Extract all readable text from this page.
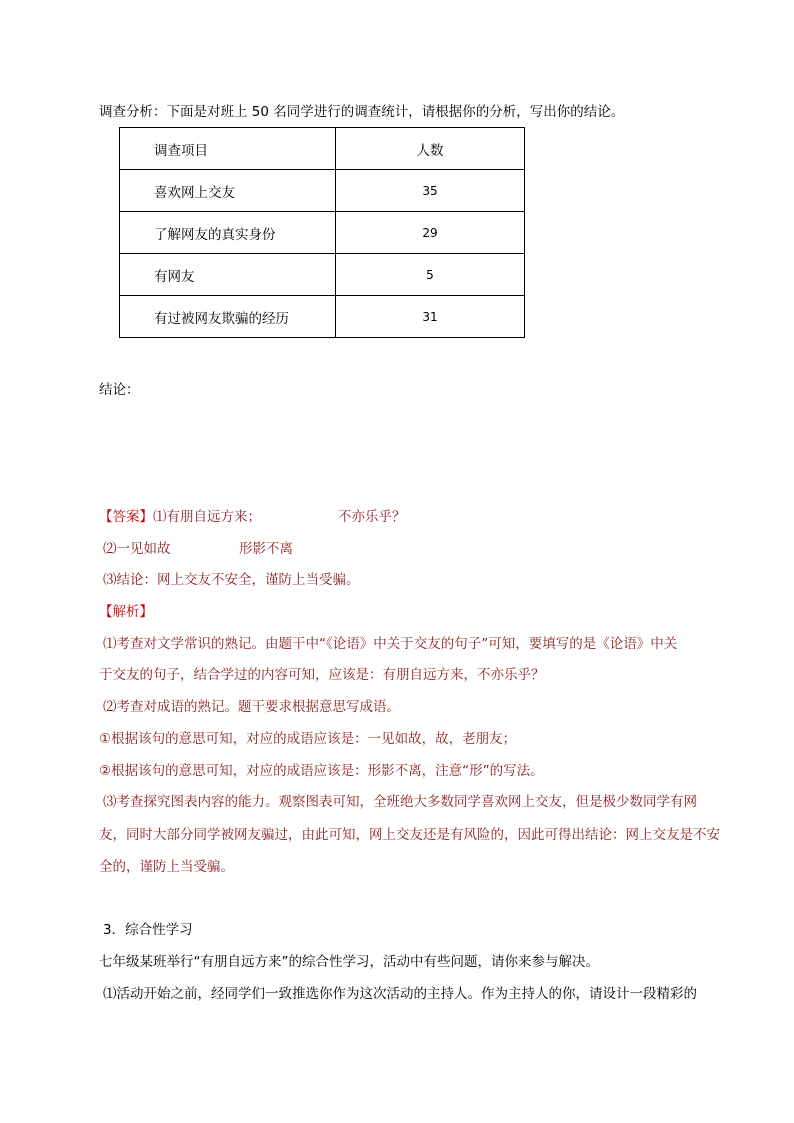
调查分析：下面是对班上 50 名同学进行的调查统计，请根据你的分析，写出你的结论。
调查项目	人数
喜欢网上交友	35
了解网友的真实身份	29
有网友	5
有过被网友欺骗的经历	31
结论：
【答案】⑴有朋自远方来；	不亦乐乎？
⑵一见如故	形影不离
⑶结论：网上交友不安全，谨防上当受骗。
【解析】
⑴考查对文学常识的熟记。由题干中“《论语》中关于交友的句子”可知，要填写的是《论语》中关
于交友的句子，结合学过的内容可知，应该是：有朋自远方来，不亦乐乎？
⑵考查对成语的熟记。题干要求根据意思写成语。
①根据该句的意思可知，对应的成语应该是：一见如故，故，老朋友；
②根据该句的意思可知，对应的成语应该是：形影不离，注意“形”的写法。
⑶考查探究图表内容的能力。观察图表可知，全班绝大多数同学喜欢网上交友，但是极少数同学有网
友，同时大部分同学被网友骗过，由此可知，网上交友还是有风险的，因此可得出结论：网上交友是不安
全的，谨防上当受骗。
3．综合性学习
七年级某班举行“有朋自远方来”的综合性学习，活动中有些问题，请你来参与解决。
⑴活动开始之前，经同学们一致推选你作为这次活动的主持人。作为主持人的你，请设计一段精彩的
